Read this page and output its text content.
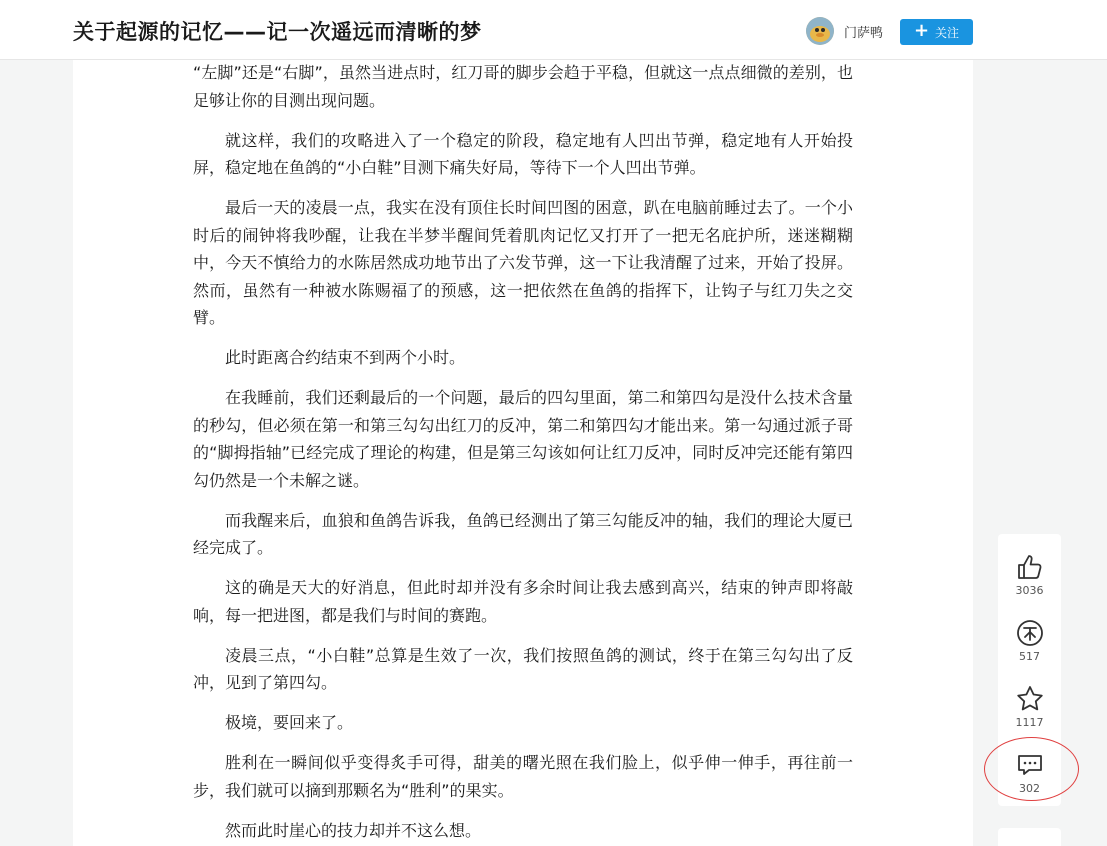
关于起源的记忆——记一次遥远而清晰的梦	门萨鸭 + 关注

“左脚”还是“右脚”，虽然当进点时，红刀哥的脚步会趋于平稳，但就这一点点细微的差别，也足够让你的目测出现问题。

就这样，我们的攻略进入了一个稳定的阶段，稳定地有人凹出节弹，稳定地有人开始投屏，稳定地在鱼鸽的“小白鞋”目测下痛失好局，等待下一个人凹出节弹。

最后一天的凌晨一点，我实在没有顶住长时间凹图的困意，趴在电脑前睡过去了。一个小时后的闹钟将我吵醒，让我在半梦半醒间凭着肌肉记忆又打开了一把无名庇护所，迷迷糊糊中，今天不慎给力的水陈居然成功地节出了六发节弹，这一下让我清醒了过来，开始了投屏。然而，虽然有一种被水陈赐福了的预感，这一把依然在鱼鸽的指挥下，让钩子与红刀失之交臂。

此时距离合约结束不到两个小时。

在我睡前，我们还剩最后的一个问题，最后的四勾里面，第二和第四勾是没什么技术含量的秒勾，但必须在第一和第三勾勾出红刀的反冲，第二和第四勾才能出来。第一勾通过派子哥的“脚拇指轴”已经完成了理论的构建，但是第三勾该如何让红刀反冲，同时反冲完还能有第四勾仍然是一个未解之谜。

而我醒来后，血狼和鱼鸽告诉我，鱼鸽已经测出了第三勾能反冲的轴，我们的理论大厦已经完成了。

这的确是天大的好消息，但此时却并没有多余时间让我去感到高兴，结束的钟声即将敲响，每一把进图，都是我们与时间的赛跑。

凌晨三点，“小白鞋”总算是生效了一次，我们按照鱼鸽的测试，终于在第三勾勾出了反冲，见到了第四勾。

极境，要回来了。

胜利在一瞬间似乎变得炙手可得，甜美的曙光照在我们脸上，似乎伸一伸手，再往前一步，我们就可以摘到那颗名为“胜利”的果实。

然而此时崖心的技力却并不这么想。

3036
517
1117
302
